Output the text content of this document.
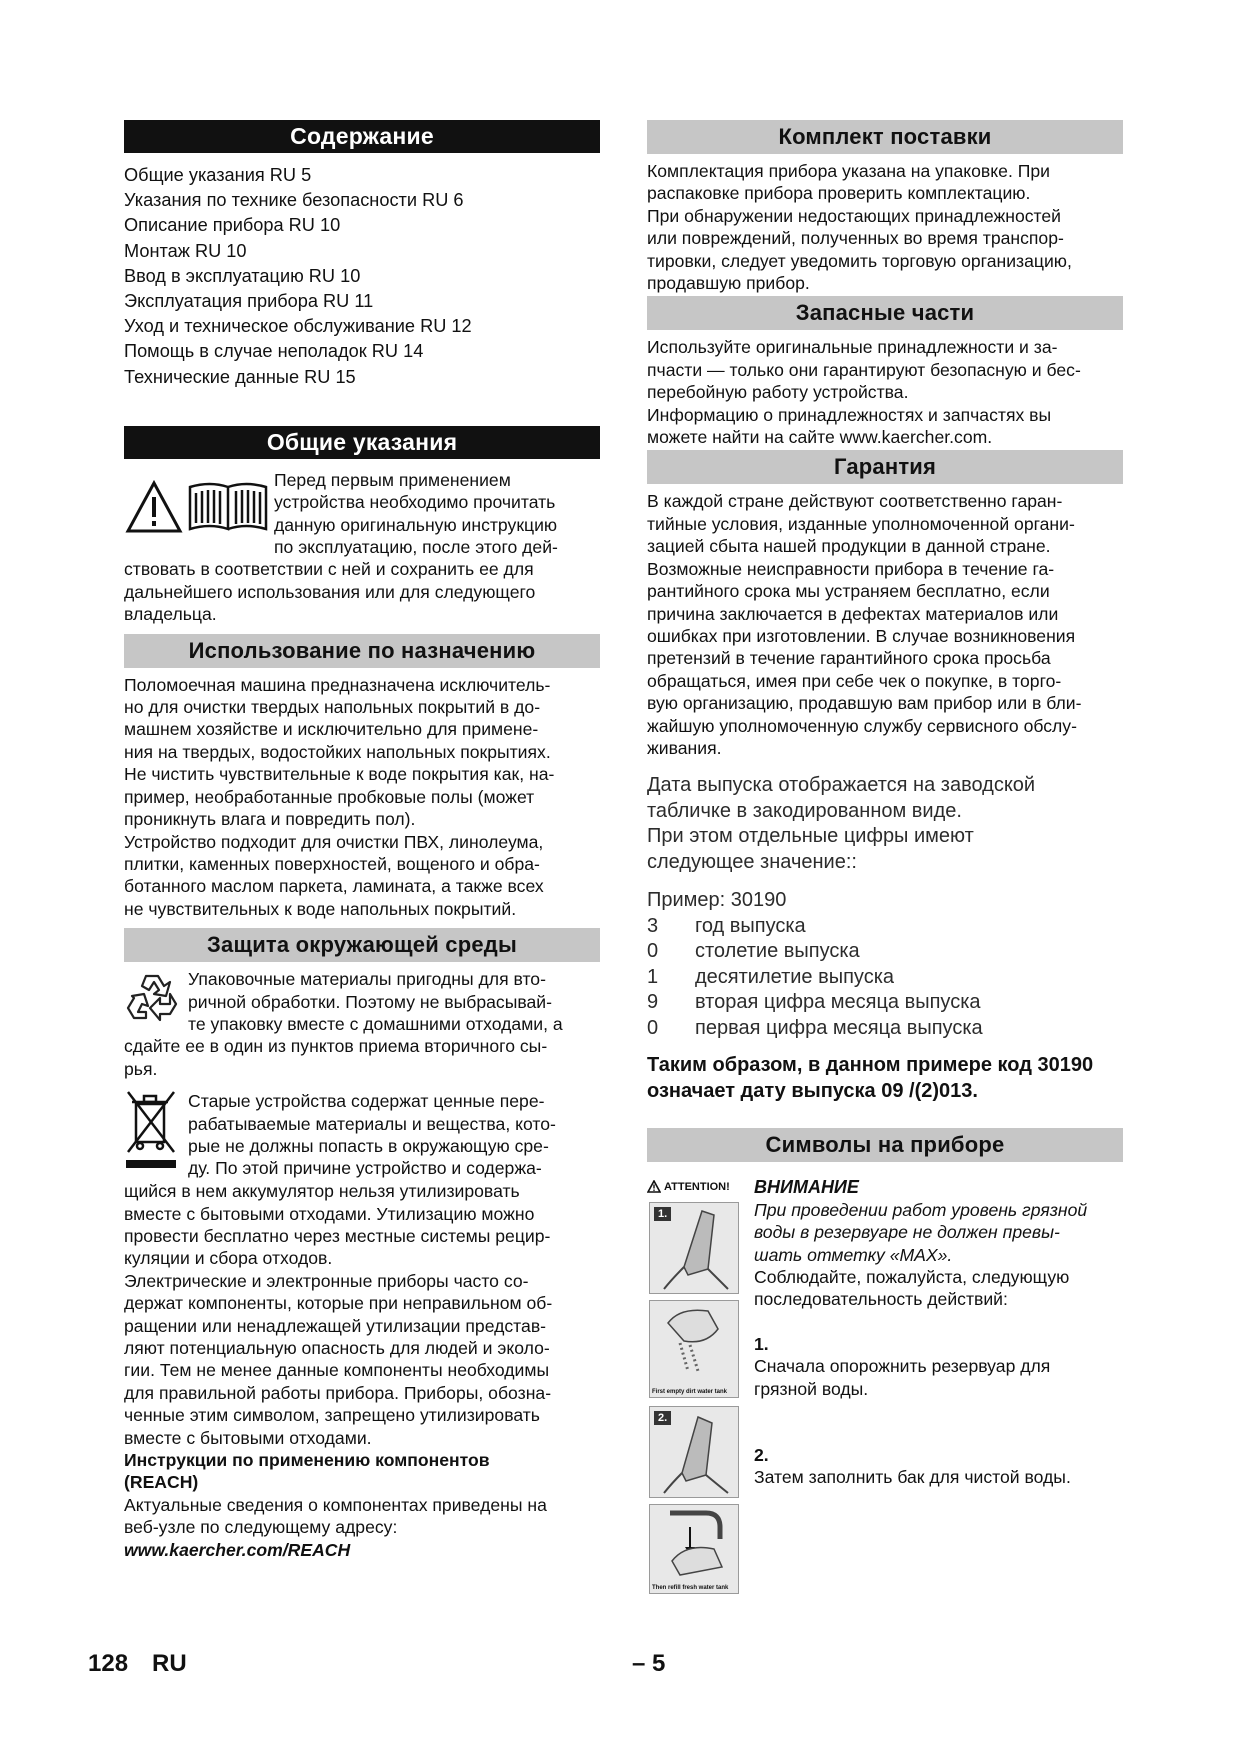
Содержание

Общие указания RU 5

Указания по технике безопасности RU 6

Описание прибора RU 10

Монтаж RU 10

Ввод в эксплуатацию RU 10

Эксплуатация прибора RU 11

Уход и техническое обслуживание RU 12

Помощь в случае неполадок RU 14

Технические данные RU 15

Общие указания

Перед первым применением

устройства необходимо прочитать

данную оригинальную инструкцию

по эксплуатацию, после этого дей-

ствовать в соответствии с ней и сохранить ее для

дальнейшего использования или для следующего

владельца.

Использование по назначению

Поломоечная машина предназначена исключитель-

но для очистки твердых напольных покрытий в до-

машнем хозяйстве и исключительно для примене-

ния на твердых, водостойких напольных покрытиях.

Не чистить чувствительные к воде покрытия как, на-

пример, необработанные пробковые полы (может

проникнуть влага и повредить пол).

Устройство подходит для очистки ПВХ, линолеума,

плитки, каменных поверхностей, вощеного и обра-

ботанного маслом паркета, ламината, а также всех

не чувствительных к воде напольных покрытий.

Защита окружающей среды

Упаковочные материалы пригодны для вто-

ричной обработки. Поэтому не выбрасывай-

те упаковку вместе с домашними отходами, а

сдайте ее в один из пунктов приема вторичного сы-

рья.

Старые устройства содержат ценные пере-

рабатываемые материалы и вещества, кото-

рые не должны попасть в окружающую сре-

ду. По этой причине устройство и содержа-

щийся в нем аккумулятор нельзя утилизировать

вместе с бытовыми отходами. Утилизацию можно

провести бесплатно через местные системы рецир-

куляции и сбора отходов.

Электрические и электронные приборы часто со-

держат компоненты, которые при неправильном об-

ращении или ненадлежащей утилизации представ-

ляют потенциальную опасность для людей и эколо-

гии. Тем не менее данные компоненты необходимы

для правильной работы прибора. Приборы, обозна-

ченные этим символом, запрещено утилизировать

вместе с бытовыми отходами.

Инструкции по применению компонентов

(REACH)

Актуальные сведения о компонентах приведены на

веб-узле по следующему адресу:

www.kaercher.com/REACH

Комплект поставки

Комплектация прибора указана на упаковке. При

распаковке прибора проверить комплектацию.

При обнаружении недостающих принадлежностей

или повреждений, полученных во время транспор-

тировки, следует уведомить торговую организацию,

продавшую прибор.

Запасные части

Используйте оригинальные принадлежности и за-

пчасти — только они гарантируют безопасную и бес-

перебойную работу устройства.

Информацию о принадлежностях и запчастях вы

можете найти на сайте www.kaercher.com.

Гарантия

В каждой стране действуют соответственно гаран-

тийные условия, изданные уполномоченной органи-

зацией сбыта нашей продукции в данной стране.

Возможные неисправности прибора в течение га-

рантийного срока мы устраняем бесплатно, если

причина заключается в дефектах материалов или

ошибках при изготовлении. В случае возникновения

претензий в течение гарантийного срока просьба

обращаться, имея при себе чек о покупке, в торго-

вую организацию, продавшую вам прибор или в бли-

жайшую уполномоченную службу сервисного обслу-

живания.

Дата выпуска отображается на заводской

табличке в закодированном виде.

При этом отдельные цифры имеют

следующее значение::

Пример: 30190

3	год выпуска
0	столетие выпуска
1	десятилетие выпуска
9	вторая цифра месяца выпуска
0	первая цифра месяца выпуска

Таким образом, в данном примере код 30190

означает дату выпуска 09 /(2)013.

Символы на приборе
ATTENTION!
1.
First empty dirt water tank
2.
Then refill fresh water tank

ВНИМАНИЕ

При проведении работ уровень грязной

воды в резервуаре не должен превы-

шать отметку «MAX».

Соблюдайте, пожалуйста, следующую

последовательность действий:

1.

Сначала опорожнить резервуар для

грязной воды.

2.

Затем заполнить бак для чистой воды.

128 RU	– 5
